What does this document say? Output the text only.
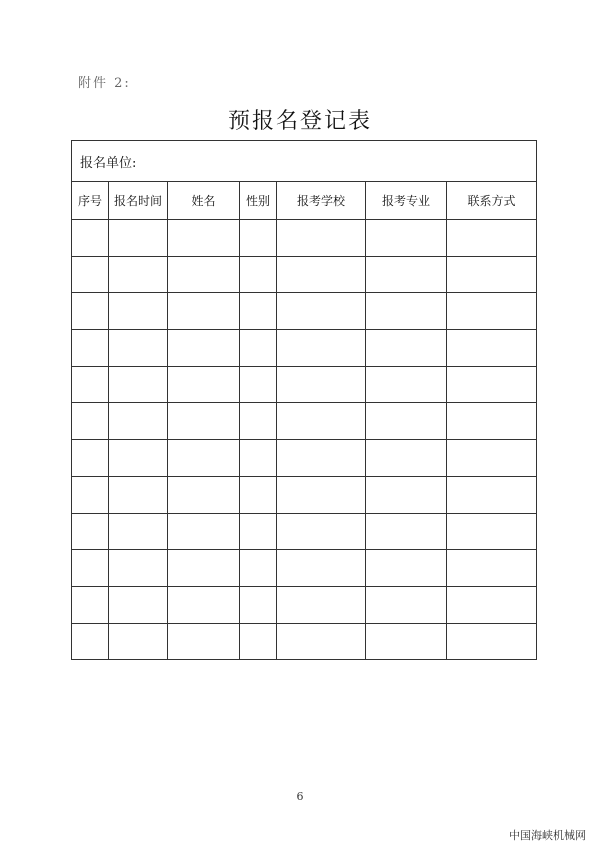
附件 2:
预报名登记表
报名单位:						
序号	报名时间	姓名	性别	报考学校	报考专业	联系方式

6
中国海峡机械网
